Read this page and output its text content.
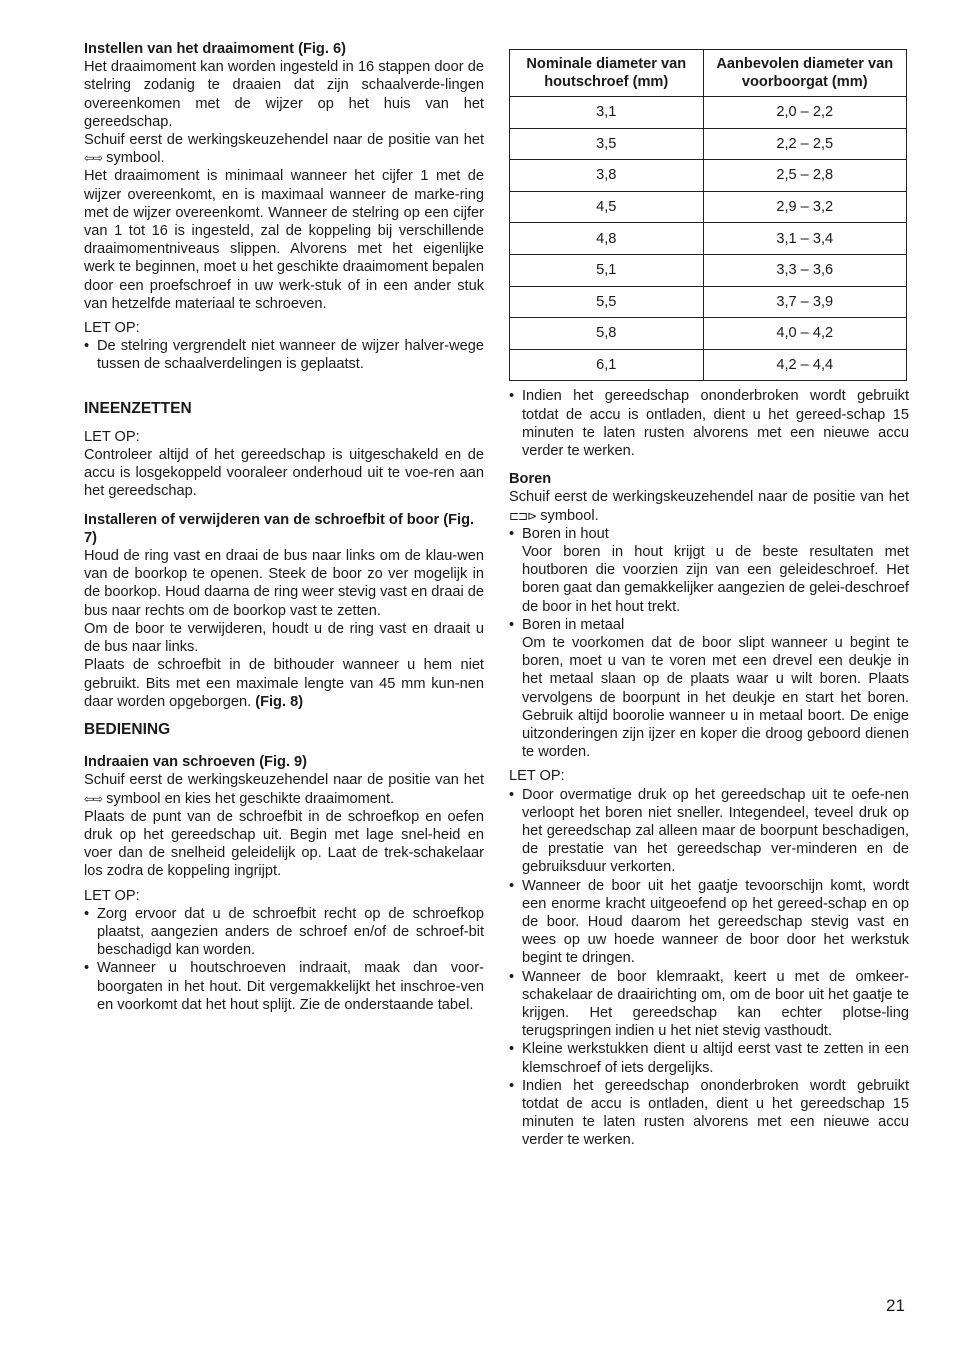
Instellen van het draaimoment (Fig. 6)

Het draaimoment kan worden ingesteld in 16 stappen door de stelring zodanig te draaien dat zijn schaalverde-lingen overeenkomen met de wijzer op het huis van het gereedschap.

Schuif eerst de werkingskeuzehendel naar de positie van het ⇦⇨ symbool.

Het draaimoment is minimaal wanneer het cijfer 1 met de wijzer overeenkomt, en is maximaal wanneer de marke-ring met de wijzer overeenkomt. Wanneer de stelring op een cijfer van 1 tot 16 is ingesteld, zal de koppeling bij verschillende draaimomentniveaus slippen. Alvorens met het eigenlijke werk te beginnen, moet u het geschikte draaimoment bepalen door een proefschroef in uw werk-stuk of in een ander stuk van hetzelfde materiaal te schroeven.

LET OP:

• De stelring vergrendelt niet wanneer de wijzer halver-wege tussen de schaalverdelingen is geplaatst.

INEENZETTEN

LET OP:

Controleer altijd of het gereedschap is uitgeschakeld en de accu is losgekoppeld vooraleer onderhoud uit te voe-ren aan het gereedschap.

Installeren of verwijderen van de schroefbit of boor (Fig. 7)

Houd de ring vast en draai de bus naar links om de klau-wen van de boorkop te openen. Steek de boor zo ver mogelijk in de boorkop. Houd daarna de ring weer stevig vast en draai de bus naar rechts om de boorkop vast te zetten.

Om de boor te verwijderen, houdt u de ring vast en draait u de bus naar links.

Plaats de schroefbit in de bithouder wanneer u hem niet gebruikt. Bits met een maximale lengte van 45 mm kun-nen daar worden opgeborgen. (Fig. 8)

BEDIENING

Indraaien van schroeven (Fig. 9)

Schuif eerst de werkingskeuzehendel naar de positie van het ⇦⇨ symbool en kies het geschikte draaimoment.

Plaats de punt van de schroefbit in de schroefkop en oefen druk op het gereedschap uit. Begin met lage snel-heid en voer dan de snelheid geleidelijk op. Laat de trek-schakelaar los zodra de koppeling ingrijpt.

LET OP:

• Zorg ervoor dat u de schroefbit recht op de schroefkop plaatst, aangezien anders de schroef en/of de schroef-bit beschadigd kan worden.
• Wanneer u houtschroeven indraait, maak dan voor-boorgaten in het hout. Dit vergemakkelijkt het inschroe-ven en voorkomt dat het hout splijt. Zie de onderstaande tabel.
Nominale diameter van houtschroef (mm)	Aanbevolen diameter van voorboorgat (mm)
3,1	2,0 – 2,2
3,5	2,2 – 2,5
3,8	2,5 – 2,8
4,5	2,9 – 3,2
4,8	3,1 – 3,4
5,1	3,3 – 3,6
5,5	3,7 – 3,9
5,8	4,0 – 4,2
6,1	4,2 – 4,4
• Indien het gereedschap ononderbroken wordt gebruikt totdat de accu is ontladen, dient u het gereed-schap 15 minuten te laten rusten alvorens met een nieuwe accu verder te werken.

Boren

Schuif eerst de werkingskeuzehendel naar de positie van het ⊏⊐⊳ symbool.

• Boren in hout
Voor boren in hout krijgt u de beste resultaten met houtboren die voorzien zijn van een geleideschroef. Het boren gaat dan gemakkelijker aangezien de gelei-deschroef de boor in het hout trekt.
• Boren in metaal
Om te voorkomen dat de boor slipt wanneer u begint te boren, moet u van te voren met een drevel een deukje in het metaal slaan op de plaats waar u wilt boren. Plaats vervolgens de boorpunt in het deukje en start het boren. Gebruik altijd boorolie wanneer u in metaal boort. De enige uitzonderingen zijn ijzer en koper die droog geboord dienen te worden.

LET OP:

• Door overmatige druk op het gereedschap uit te oefe-nen verloopt het boren niet sneller. Integendeel, teveel druk op het gereedschap zal alleen maar de boorpunt beschadigen, de prestatie van het gereedschap ver-minderen en de gebruiksduur verkorten.
• Wanneer de boor uit het gaatje tevoorschijn komt, wordt een enorme kracht uitgeoefend op het gereed-schap en op de boor. Houd daarom het gereedschap stevig vast en wees op uw hoede wanneer de boor door het werkstuk begint te dringen.
• Wanneer de boor klemraakt, keert u met de omkeer-schakelaar de draairichting om, om de boor uit het gaatje te krijgen. Het gereedschap kan echter plotse-ling terugspringen indien u het niet stevig vasthoudt.
• Kleine werkstukken dient u altijd eerst vast te zetten in een klemschroef of iets dergelijks.
• Indien het gereedschap ononderbroken wordt gebruikt totdat de accu is ontladen, dient u het gereedschap 15 minuten te laten rusten alvorens met een nieuwe accu verder te werken.
21
